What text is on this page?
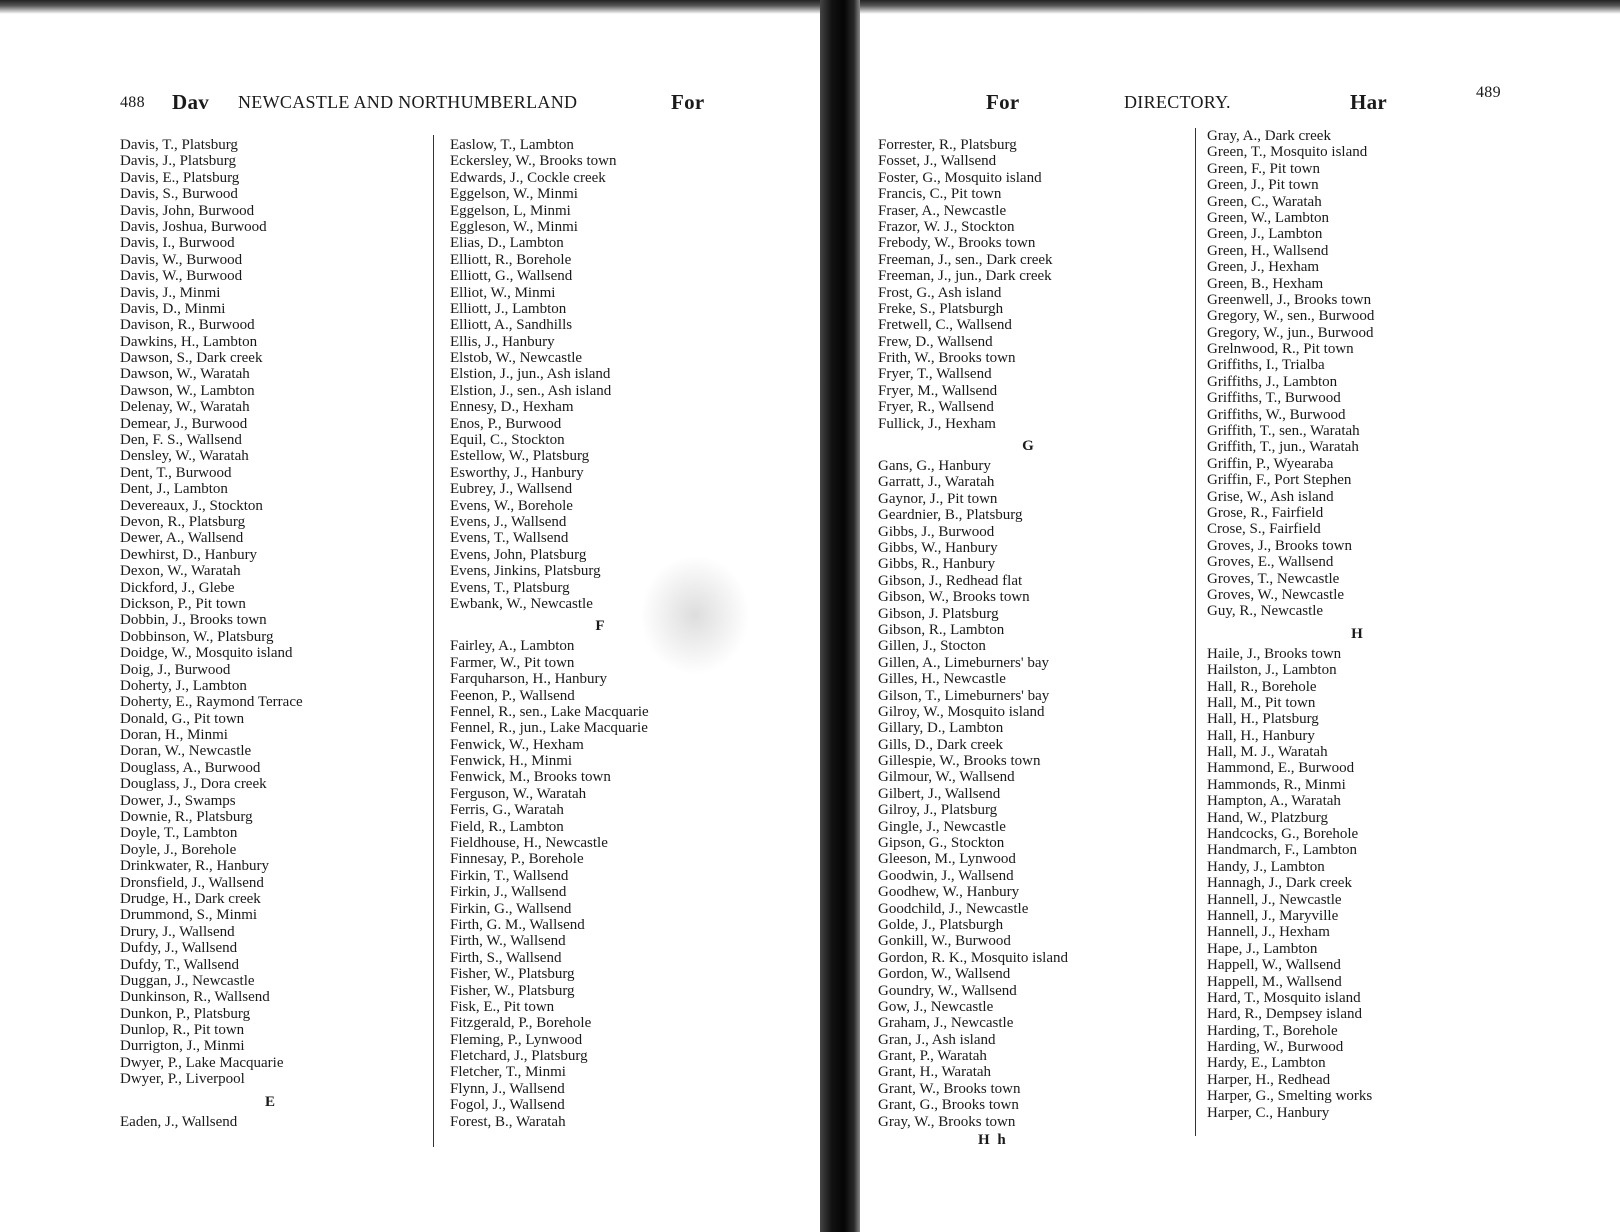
488 Dav NEWCASTLE AND NORTHUMBERLAND	For
Davis, T., Platsburg
Davis, J., Platsburg
Davis, E., Platsburg
Davis, S., Burwood
Davis, John, Burwood
Davis, Joshua, Burwood
Davis, I., Burwood
Davis, W., Burwood
Davis, W., Burwood
Davis, J., Minmi
Davis, D., Minmi
Davison, R., Burwood
Dawkins, H., Lambton
Dawson, S., Dark creek
Dawson, W., Waratah
Dawson, W., Lambton
Delenay, W., Waratah
Demear, J., Burwood
Den, F. S., Wallsend
Densley, W., Waratah
Dent, T., Burwood
Dent, J., Lambton
Devereaux, J., Stockton
Devon, R., Platsburg
Dewer, A., Wallsend
Dewhirst, D., Hanbury
Dexon, W., Waratah
Dickford, J., Glebe
Dickson, P., Pit town
Dobbin, J., Brooks town
Dobbinson, W., Platsburg
Doidge, W., Mosquito island
Doig, J., Burwood
Doherty, J., Lambton
Doherty, E., Raymond Terrace
Donald, G., Pit town
Doran, H., Minmi
Doran, W., Newcastle
Douglass, A., Burwood
Douglass, J., Dora creek
Dower, J., Swamps
Downie, R., Platsburg
Doyle, T., Lambton
Doyle, J., Borehole
Drinkwater, R., Hanbury
Dronsfield, J., Wallsend
Drudge, H., Dark creek
Drummond, S., Minmi
Drury, J., Wallsend
Dufdy, J., Wallsend
Dufdy, T., Wallsend
Duggan, J., Newcastle
Dunkinson, R., Wallsend
Dunkon, P., Platsburg
Dunlop, R., Pit town
Durrigton, J., Minmi
Dwyer, P., Lake Macquarie
Dwyer, P., Liverpool
E
Eaden, J., Wallsend
Easlow, T., Lambton
Eckersley, W., Brooks town
Edwards, J., Cockle creek
Eggelson, W., Minmi
Eggelson, L, Minmi
Eggleson, W., Minmi
Elias, D., Lambton
Elliott, R., Borehole
Elliott, G., Wallsend
Elliot, W., Minmi
Elliott, J., Lambton
Elliott, A., Sandhills
Ellis, J., Hanbury
Elstob, W., Newcastle
Elstion, J., jun., Ash island
Elstion, J., sen., Ash island
Ennesy, D., Hexham
Enos, P., Burwood
Equil, C., Stockton
Estellow, W., Platsburg
Esworthy, J., Hanbury
Eubrey, J., Wallsend
Evens, W., Borehole
Evens, J., Wallsend
Evens, T., Wallsend
Evens, John, Platsburg
Evens, Jinkins, Platsburg
Evens, T., Platsburg
Ewbank, W., Newcastle
F
Fairley, A., Lambton
Farmer, W., Pit town
Farquharson, H., Hanbury
Feenon, P., Wallsend
Fennel, R., sen., Lake Macquarie
Fennel, R., jun., Lake Macquarie
Fenwick, W., Hexham
Fenwick, H., Minmi
Fenwick, M., Brooks town
Ferguson, W., Waratah
Ferris, G., Waratah
Field, R., Lambton
Fieldhouse, H., Newcastle
Finnesay, P., Borehole
Firkin, T., Wallsend
Firkin, J., Wallsend
Firkin, G., Wallsend
Firth, G. M., Wallsend
Firth, W., Wallsend
Firth, S., Wallsend
Fisher, W., Platsburg
Fisher, W., Platsburg
Fisk, E., Pit town
Fitzgerald, P., Borehole
Fleming, P., Lynwood
Fletchard, J., Platsburg
Fletcher, T., Minmi
Flynn, J., Wallsend
Fogol, J., Wallsend
Forest, B., Waratah
For	DIRECTORY.	Har	489
Forrester, R., Platsburg
Fosset, J., Wallsend
Foster, G., Mosquito island
Francis, C., Pit town
Fraser, A., Newcastle
Frazor, W. J., Stockton
Frebody, W., Brooks town
Freeman, J., sen., Dark creek
Freeman, J., jun., Dark creek
Frost, G., Ash island
Freke, S., Platsburgh
Fretwell, C., Wallsend
Frew, D., Wallsend
Frith, W., Brooks town
Fryer, T., Wallsend
Fryer, M., Wallsend
Fryer, R., Wallsend
Fullick, J., Hexham
G
Gans, G., Hanbury
Garratt, J., Waratah
Gaynor, J., Pit town
Geardnier, B., Platsburg
Gibbs, J., Burwood
Gibbs, W., Hanbury
Gibbs, R., Hanbury
Gibson, J., Redhead flat
Gibson, W., Brooks town
Gibson, J. Platsburg
Gibson, R., Lambton
Gillen, J., Stocton
Gillen, A., Limeburners' bay
Gilles, H., Newcastle
Gilson, T., Limeburners' bay
Gilroy, W., Mosquito island
Gillary, D., Lambton
Gills, D., Dark creek
Gillespie, W., Brooks town
Gilmour, W., Wallsend
Gilbert, J., Wallsend
Gilroy, J., Platsburg
Gingle, J., Newcastle
Gipson, G., Stockton
Gleeson, M., Lynwood
Goodwin, J., Wallsend
Goodhew, W., Hanbury
Goodchild, J., Newcastle
Golde, J., Platsburgh
Gonkill, W., Burwood
Gordon, R. K., Mosquito island
Gordon, W., Wallsend
Goundry, W., Wallsend
Gow, J., Newcastle
Graham, J., Newcastle
Gran, J., Ash island
Grant, P., Waratah
Grant, H., Waratah
Grant, W., Brooks town
Grant, G., Brooks town
Gray, W., Brooks town
Gray, A., Dark creek
Green, T., Mosquito island
Green, F., Pit town
Green, J., Pit town
Green, C., Waratah
Green, W., Lambton
Green, J., Lambton
Green, H., Wallsend
Green, J., Hexham
Green, B., Hexham
Greenwell, J., Brooks town
Gregory, W., sen., Burwood
Gregory, W., jun., Burwood
Grelnwood, R., Pit town
Griffiths, I., Trialba
Griffiths, J., Lambton
Griffiths, T., Burwood
Griffiths, W., Burwood
Griffith, T., sen., Waratah
Griffith, T., jun., Waratah
Griffin, P., Wyearaba
Griffin, F., Port Stephen
Grise, W., Ash island
Grose, R., Fairfield
Crose, S., Fairfield
Groves, J., Brooks town
Groves, E., Wallsend
Groves, T., Newcastle
Groves, W., Newcastle
Guy, R., Newcastle
H
Haile, J., Brooks town
Hailston, J., Lambton
Hall, R., Borehole
Hall, M., Pit town
Hall, H., Platsburg
Hall, H., Hanbury
Hall, M. J., Waratah
Hammond, E., Burwood
Hammonds, R., Minmi
Hampton, A., Waratah
Hand, W., Platzburg
Handcocks, G., Borehole
Handmarch, F., Lambton
Handy, J., Lambton
Hannagh, J., Dark creek
Hannell, J., Newcastle
Hannell, J., Maryville
Hannell, J., Hexham
Hape, J., Lambton
Happell, W., Wallsend
Happell, M., Wallsend
Hard, T., Mosquito island
Hard, R., Dempsey island
Harding, T., Borehole
Harding, W., Burwood
Hardy, E., Lambton
Harper, H., Redhead
Harper, G., Smelting works
Harper, C., Hanbury
H h
